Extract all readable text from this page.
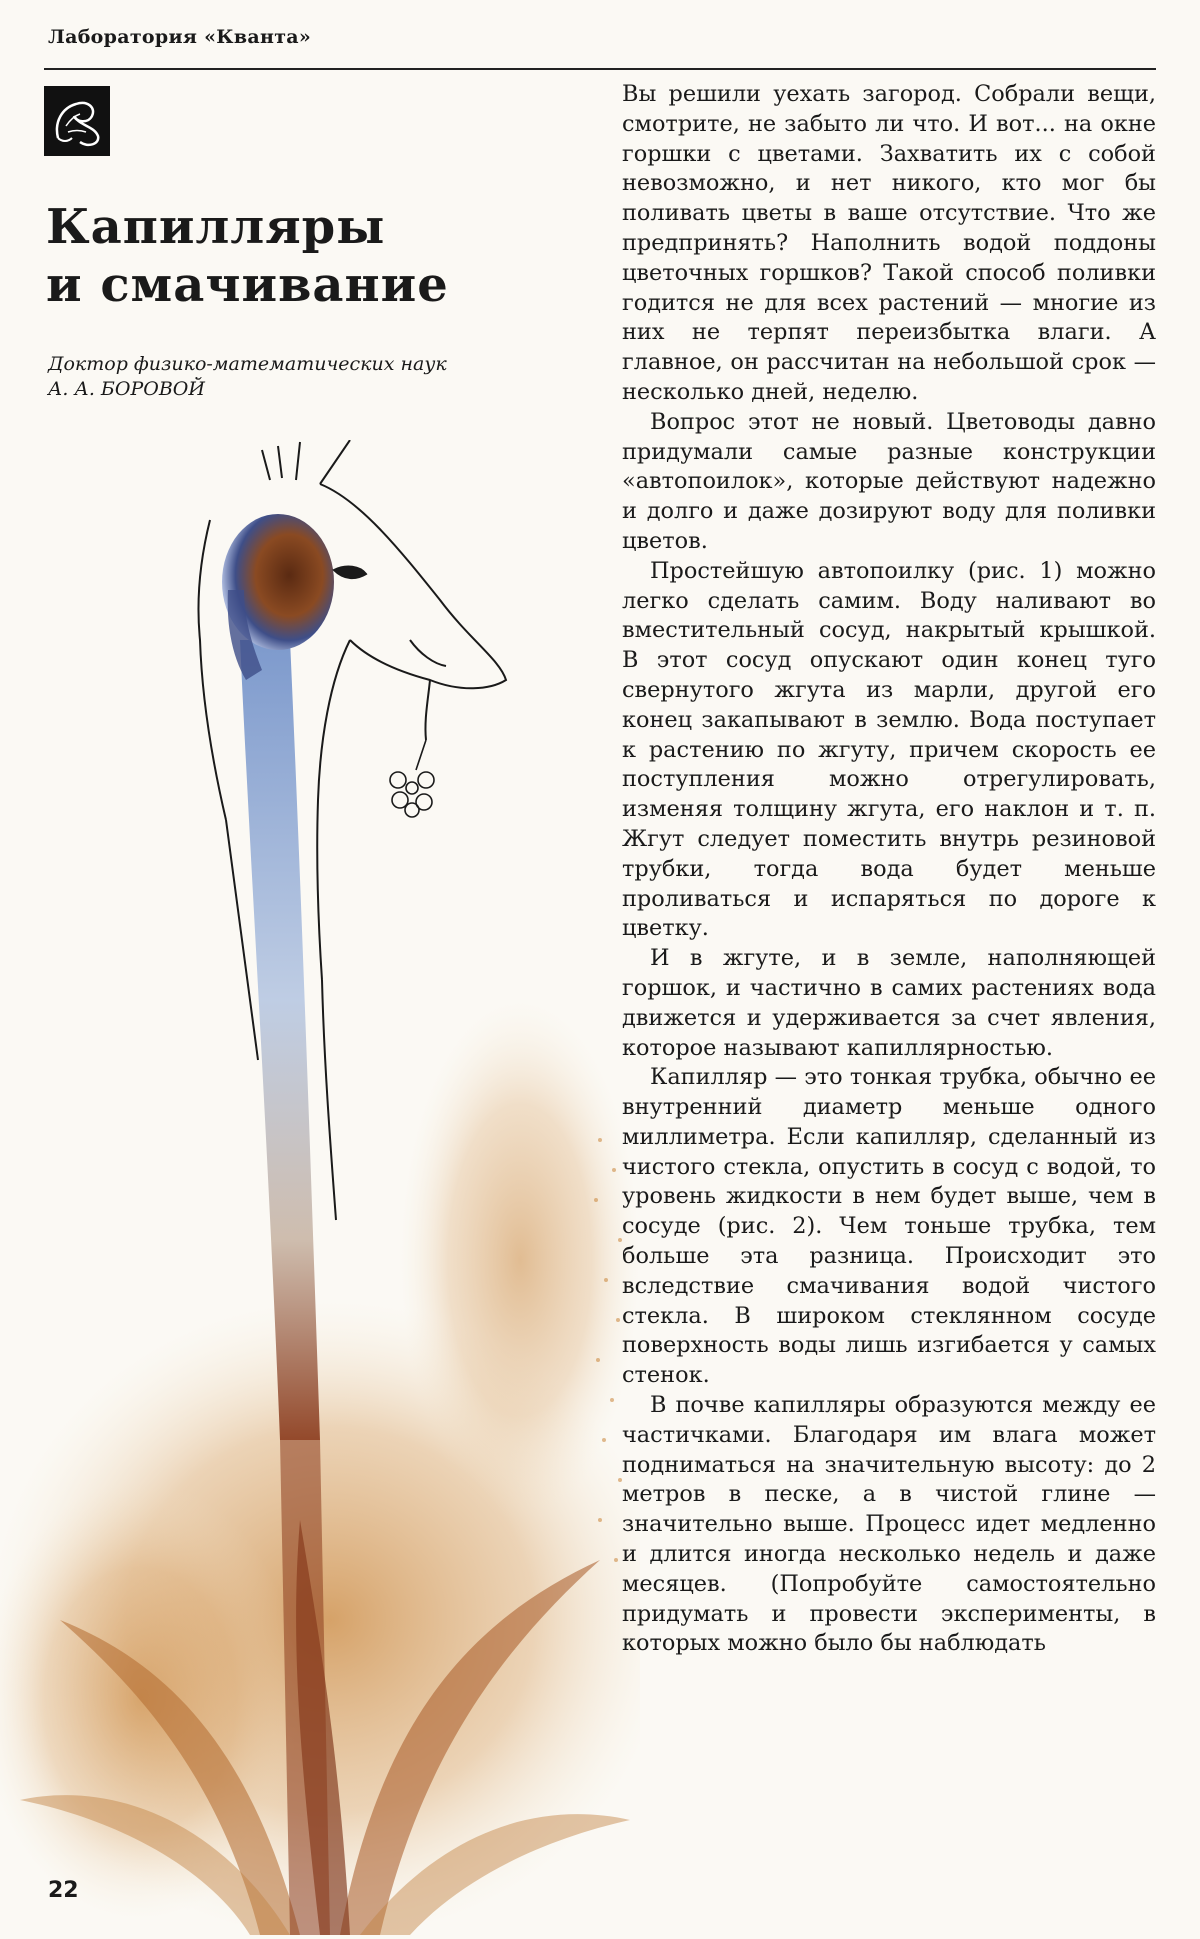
Лаборатория «Кванта»
Капилляры
и смачивание
Доктор физико-математических наук
А. А. БОРОВОЙ

Вы решили уехать загород. Собрали вещи, смотрите, не забыто ли что. И вот... на окне горшки с цветами. Захватить их с собой невозможно, и нет никого, кто мог бы поливать цветы в ваше отсутствие. Что же предпринять? Наполнить водой поддоны цветочных горшков? Такой способ поливки годится не для всех растений — многие из них не терпят переизбытка влаги. А главное, он рассчитан на небольшой срок — несколько дней, неделю.

Вопрос этот не новый. Цветоводы давно придумали самые разные конструкции «автопоилок», которые действуют надежно и долго и даже дозируют воду для поливки цветов.

Простейшую автопоилку (рис. 1) можно легко сделать самим. Воду наливают во вместительный сосуд, накрытый крышкой. В этот сосуд опускают один конец туго свернутого жгута из марли, другой его конец закапывают в землю. Вода поступает к растению по жгуту, причем скорость ее поступления можно отрегулировать, изменяя толщину жгута, его наклон и т. п. Жгут следует поместить внутрь резиновой трубки, тогда вода будет меньше проливаться и испаряться по дороге к цветку.

И в жгуте, и в земле, наполняющей горшок, и частично в самих растениях вода движется и удерживается за счет явления, которое называют капиллярностью.

Капилляр — это тонкая трубка, обычно ее внутренний диаметр меньше одного миллиметра. Если капилляр, сделанный из чистого стекла, опустить в сосуд с водой, то уровень жидкости в нем будет выше, чем в сосуде (рис. 2). Чем тоньше трубка, тем больше эта разница. Происходит это вследствие смачивания водой чистого стекла. В широком стеклянном сосуде поверхность воды лишь изгибается у самых стенок.

В почве капилляры образуются между ее частичками. Благодаря им влага может подниматься на значительную высоту: до 2 метров в песке, а в чистой глине — значительно выше. Процесс идет медленно и длится иногда несколько недель и даже месяцев. (Попробуйте самостоятельно придумать и провести эксперименты, в которых можно было бы наблюдать

22
